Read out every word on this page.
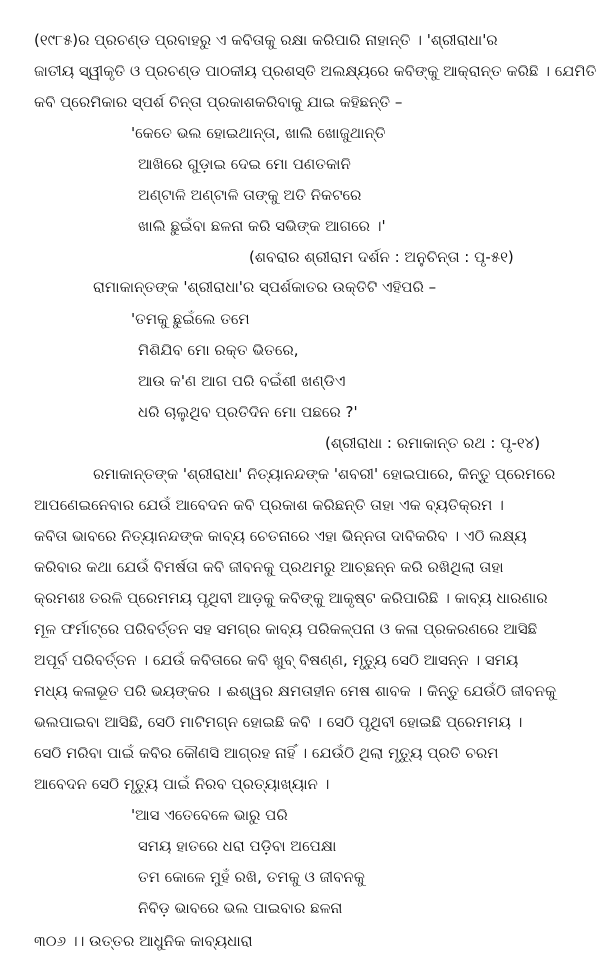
(୧୯୮୫)ର ପ୍ରଚଣ୍ଡ ପ୍ରବାହରୁ ଏ କବିତାକୁ ରକ୍ଷା କରିପାରି ନାହାନ୍ତି । 'ଶ୍ରୀରାଧା'ର
ଜାତୀୟ ସ୍ୱୀକୃତି ଓ ପ୍ରଚଣ୍ଡ ପାଠକୀୟ ପ୍ରଶସ୍ତି ଅଲକ୍ଷ୍ୟରେ କବିଙ୍କୁ ଆକ୍ରାନ୍ତ କରିଛି । ଯେମିତି
କବି ପ୍ରେମିକାର ସ୍ପର୍ଶ ଚିନ୍ତା ପ୍ରକାଶକରିବାକୁ ଯାଇ କହିଛନ୍ତି –
'କେତେ ଭଲ ହୋଇଥାନ୍ତା, ଖାଲି ଖୋଜୁଥାନ୍ତି
ଆଖିରେ ଗୁଡ଼ାଇ ଦେଇ ମୋ ପଣତକାନି
ଅଣ୍ଟାଳି ଅଣ୍ଟାଳି ତାଙ୍କୁ ଅତି ନିକଟରେ
ଖାଲି ଛୁଇଁବା ଛଳନା କରି ସଭିଙ୍କ ଆଗରେ ।'
(ଶବରାର ଶ୍ରୀରାମ ଦର୍ଶନ : ଅନୁଚିନ୍ତା : ପୃ-୫୧)
ରାମାକାନ୍ତଙ୍କ 'ଶ୍ରୀରାଧା'ର ସ୍ପର୍ଶକାତର ଉକ୍ତିଟି ଏହିପରି –
'ତମକୁ ଛୁଇଁଲେ ତମେ
ମିଶିଯିବ ମୋ ରକ୍ତ ଭିତରେ,
ଆଉ କ'ଣ ଆଗ ପରି ବଇଁଶୀ ଖଣ୍ଡିଏ
ଧରି ଚାଲୁଥିବ ପ୍ରତିଦିନ ମୋ ପଛରେ ?'
(ଶ୍ରୀରାଧା : ରମାକାନ୍ତ ରଥ : ପୃ-୧୪)
ରମାକାନ୍ତଙ୍କ 'ଶ୍ରୀରାଧା' ନିତ୍ୟାନନ୍ଦଙ୍କ 'ଶବରୀ' ହୋଇପାରେ, କିନ୍ତୁ ପ୍ରେମରେ
ଆପଣେଇନେବାର ଯେଉଁ ଆବେଦନ କବି ପ୍ରକାଶ କରିଛନ୍ତି ତାହା ଏକ ବ୍ୟତିକ୍ରମ ।
କବିତା ଭାବରେ ନିତ୍ୟାନନ୍ଦଙ୍କ କାବ୍ୟ ଚେତନାରେ ଏହା ଭିନ୍ନତା ଦାବିକରିବ । ଏଠି ଲକ୍ଷ୍ୟ
କରିବାର କଥା ଯେଉଁ ବିମର୍ଷତା କବି ଜୀବନକୁ ପ୍ରଥମରୁ ଆଚ୍ଛନ୍ନ କରି ରଖିଥିଲା ତାହା
କ୍ରମଶଃ ତରଳି ପ୍ରେମମୟ ପୃଥିବୀ ଆଡ଼କୁ କବିଙ୍କୁ ଆକୃଷ୍ଟ କରିପାରିଛି । କାବ୍ୟ ଧାରଣାର
ମୂଳ ଫର୍ମାଟ୍‌ରେ ପରିବର୍ତ୍ତନ ସହ ସମଗ୍ର କାବ୍ୟ ପରିକଳ୍ପନା ଓ କଳା ପ୍ରକରଣରେ ଆସିଛି
ଅପୂର୍ବ ପରିବର୍ତ୍ତନ । ଯେଉଁ କବିତାରେ କବି ଖୁବ୍ ବିଷଣ୍ଣ, ମୃତ୍ୟୁ ସେଠି ଆସନ୍ନ । ସମୟ
ମଧ୍ୟ କଳାଭୂତ ପରି ଭୟଙ୍କର । ଈଶ୍ୱର କ୍ଷମତାହୀନ ମେଷ ଶାବକ । କିନ୍ତୁ ଯେଉଁଠି ଜୀବନକୁ
ଭଲପାଇବା ଆସିଛି, ସେଠି ମାଟିମଗ୍ନ ହୋଇଛି କବି । ସେଠି ପୃଥିବୀ ହୋଇଛି ପ୍ରେମମୟ ।
ସେଠି ମରିବା ପାଇଁ କବିର କୌଣସି ଆଗ୍ରହ ନାହିଁ । ଯେଉଁଠି ଥିଲା ମୃତ୍ୟୁ ପ୍ରତି ଚରମ
ଆବେଦନ ସେଠି ମୃତ୍ୟୁ ପାଇଁ ନିରବ ପ୍ରତ୍ୟାଖ୍ୟାନ ।
'ଆସ ଏତେବେଳେ ଭାରୁ ପରି
ସମୟ ହାତରେ ଧରା ପଡ଼ିବା ଅପେକ୍ଷା
ତମ କୋଳେ ମୁହଁ ରଖି, ତମକୁ ଓ ଜୀବନକୁ
ନିବିଡ଼ ଭାବରେ ଭଲ ପାଇବାର ଛଳନା
୩୦୬ ।। ଉତ୍ତର ଆଧୁନିକ କାବ୍ୟଧାରା
